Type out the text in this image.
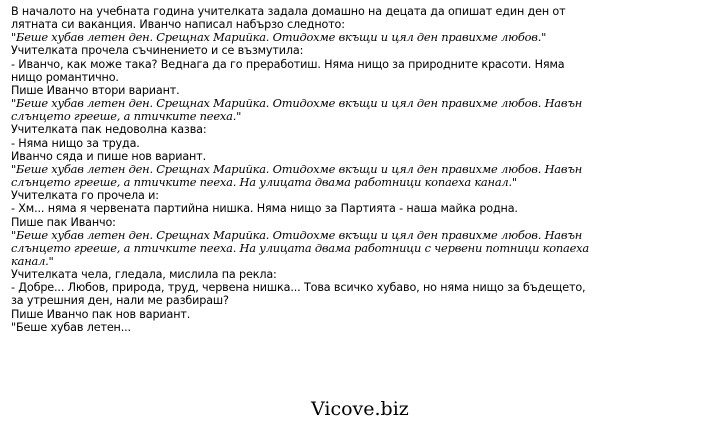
В началото на учебната година учителката задала домашно на децата да опишат един ден от
лятната си ваканция. Иванчо написал набързо следното:
"Беше хубав летен ден. Срещнах Марийка. Отидохме вкъщи и цял ден правихме любов."
Учителката прочела съчинението и се възмутила:
- Иванчо, как може така? Веднага да го преработиш. Няма нищо за природните красоти. Няма
нищо романтично.
Пише Иванчо втори вариант.
"Беше хубав летен ден. Срещнах Марийка. Отидохме вкъщи и цял ден правихме любов. Навън
слънцето грееше, а птичките пееха."
Учителката пак недоволна казва:
- Няма нищо за труда.
Иванчо сяда и пише нов вариант.
"Беше хубав летен ден. Срещнах Марийка. Отидохме вкъщи и цял ден правихме любов. Навън
слънцето грееше, а птичките пееха. На улицата двама работници копаеха канал."
Учителката го прочела и:
- Хм... няма я червената партийна нишка. Няма нищо за Партията - наша майка родна.
Пише пак Иванчо:
"Беше хубав летен ден. Срещнах Марийка. Отидохме вкъщи и цял ден правихме любов. Навън
слънцето грееше, а птичките пееха. На улицата двама работници с червени потници копаеха
канал."
Учителката чела, гледала, мислила па рекла:
- Добре... Любов, природа, труд, червена нишка... Това всичко хубаво, но няма нищо за бъдещето,
за утрешния ден, нали ме разбираш?
Пише Иванчо пак нов вариант.
"Беше хубав летен...
Vicove.biz
